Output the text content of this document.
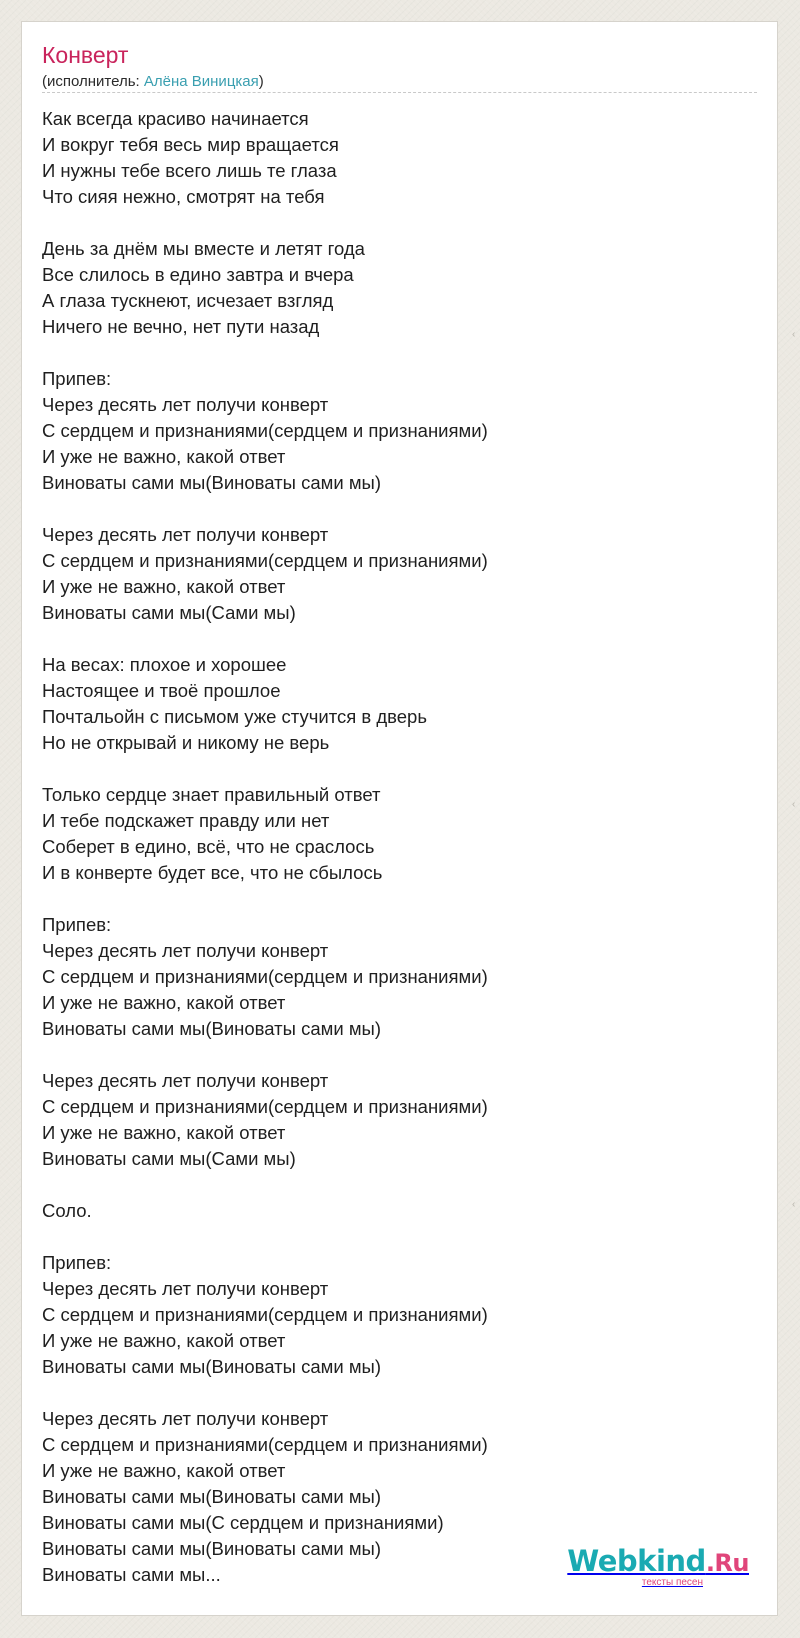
Конверт
(исполнитель: Алёна Виницкая)
Как всегда красиво начинается
И вокруг тебя весь мир вращается
И нужны тебе всего лишь те глаза
Что сияя нежно, смотрят на тебя
День за днём мы вместе и летят года
Все слилось в едино завтра и вчера
А глаза тускнеют, исчезает взгляд
Ничего не вечно, нет пути назад
Припев:
Через десять лет получи конверт
С сердцем и признаниями(сердцем и признаниями)
И уже не важно, какой ответ
Виноваты сами мы(Виноваты сами мы)
Через десять лет получи конверт
С сердцем и признаниями(сердцем и признаниями)
И уже не важно, какой ответ
Виноваты сами мы(Сами мы)
На весах: плохое и хорошее
Настоящее и твоё прошлое
Почтальойн с письмом уже стучится в дверь
Но не открывай и никому не верь
Только сердце знает правильный ответ
И тебе подскажет правду или нет
Соберет в едино, всё, что не сраслось
И в конверте будет все, что не сбылось
Припев:
Через десять лет получи конверт
С сердцем и признаниями(сердцем и признаниями)
И уже не важно, какой ответ
Виноваты сами мы(Виноваты сами мы)
Через десять лет получи конверт
С сердцем и признаниями(сердцем и признаниями)
И уже не важно, какой ответ
Виноваты сами мы(Сами мы)
Соло.
Припев:
Через десять лет получи конверт
С сердцем и признаниями(сердцем и признаниями)
И уже не важно, какой ответ
Виноваты сами мы(Виноваты сами мы)
Через десять лет получи конверт
С сердцем и признаниями(сердцем и признаниями)
И уже не важно, какой ответ
Виноваты сами мы(Виноваты сами мы)
Виноваты сами мы(С сердцем и признаниями)
Виноваты сами мы(Виноваты сами мы)
Виноваты сами мы...	Webkind.Ru
тексты песен
‹
‹
‹
